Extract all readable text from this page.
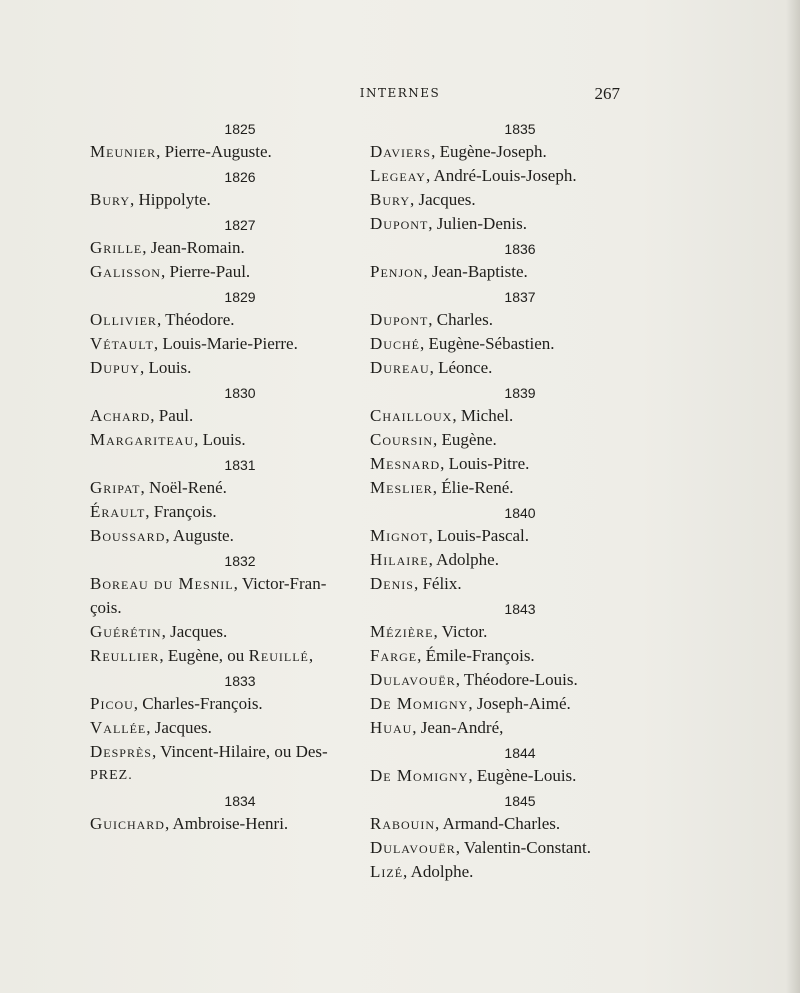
INTERNES	267
1825
Meunier, Pierre-Auguste.
1826
Bury, Hippolyte.
1827
Grille, Jean-Romain.
Galisson, Pierre-Paul.
1829
Ollivier, Théodore.
Vétault, Louis-Marie-Pierre.
Dupuy, Louis.
1830
Achard, Paul.
Margariteau, Louis.
1831
Gripat, Noël-René.
Érault, François.
Boussard, Auguste.
1832
Boreau du Mesnil, Victor-Fran-
çois.
Guérétin, Jacques.
Reullier, Eugène, ou Reuillé,
1833
Picou, Charles-François.
Vallée, Jacques.
Desprès, Vincent-Hilaire, ou Des-
PREZ.
1834
Guichard, Ambroise-Henri.
1835
Daviers, Eugène-Joseph.
Legeay, André-Louis-Joseph.
Bury, Jacques.
Dupont, Julien-Denis.
1836
Penjon, Jean-Baptiste.
1837
Dupont, Charles.
Duché, Eugène-Sébastien.
Dureau, Léonce.
1839
Chailloux, Michel.
Coursin, Eugène.
Mesnard, Louis-Pitre.
Meslier, Élie-René.
1840
Mignot, Louis-Pascal.
Hilaire, Adolphe.
Denis, Félix.
1843
Mézière, Victor.
Farge, Émile-François.
Dulavouër, Théodore-Louis.
De Momigny, Joseph-Aimé.
Huau, Jean-André,
1844
De Momigny, Eugène-Louis.
1845
Rabouin, Armand-Charles.
Dulavouër, Valentin-Constant.
Lizé, Adolphe.
